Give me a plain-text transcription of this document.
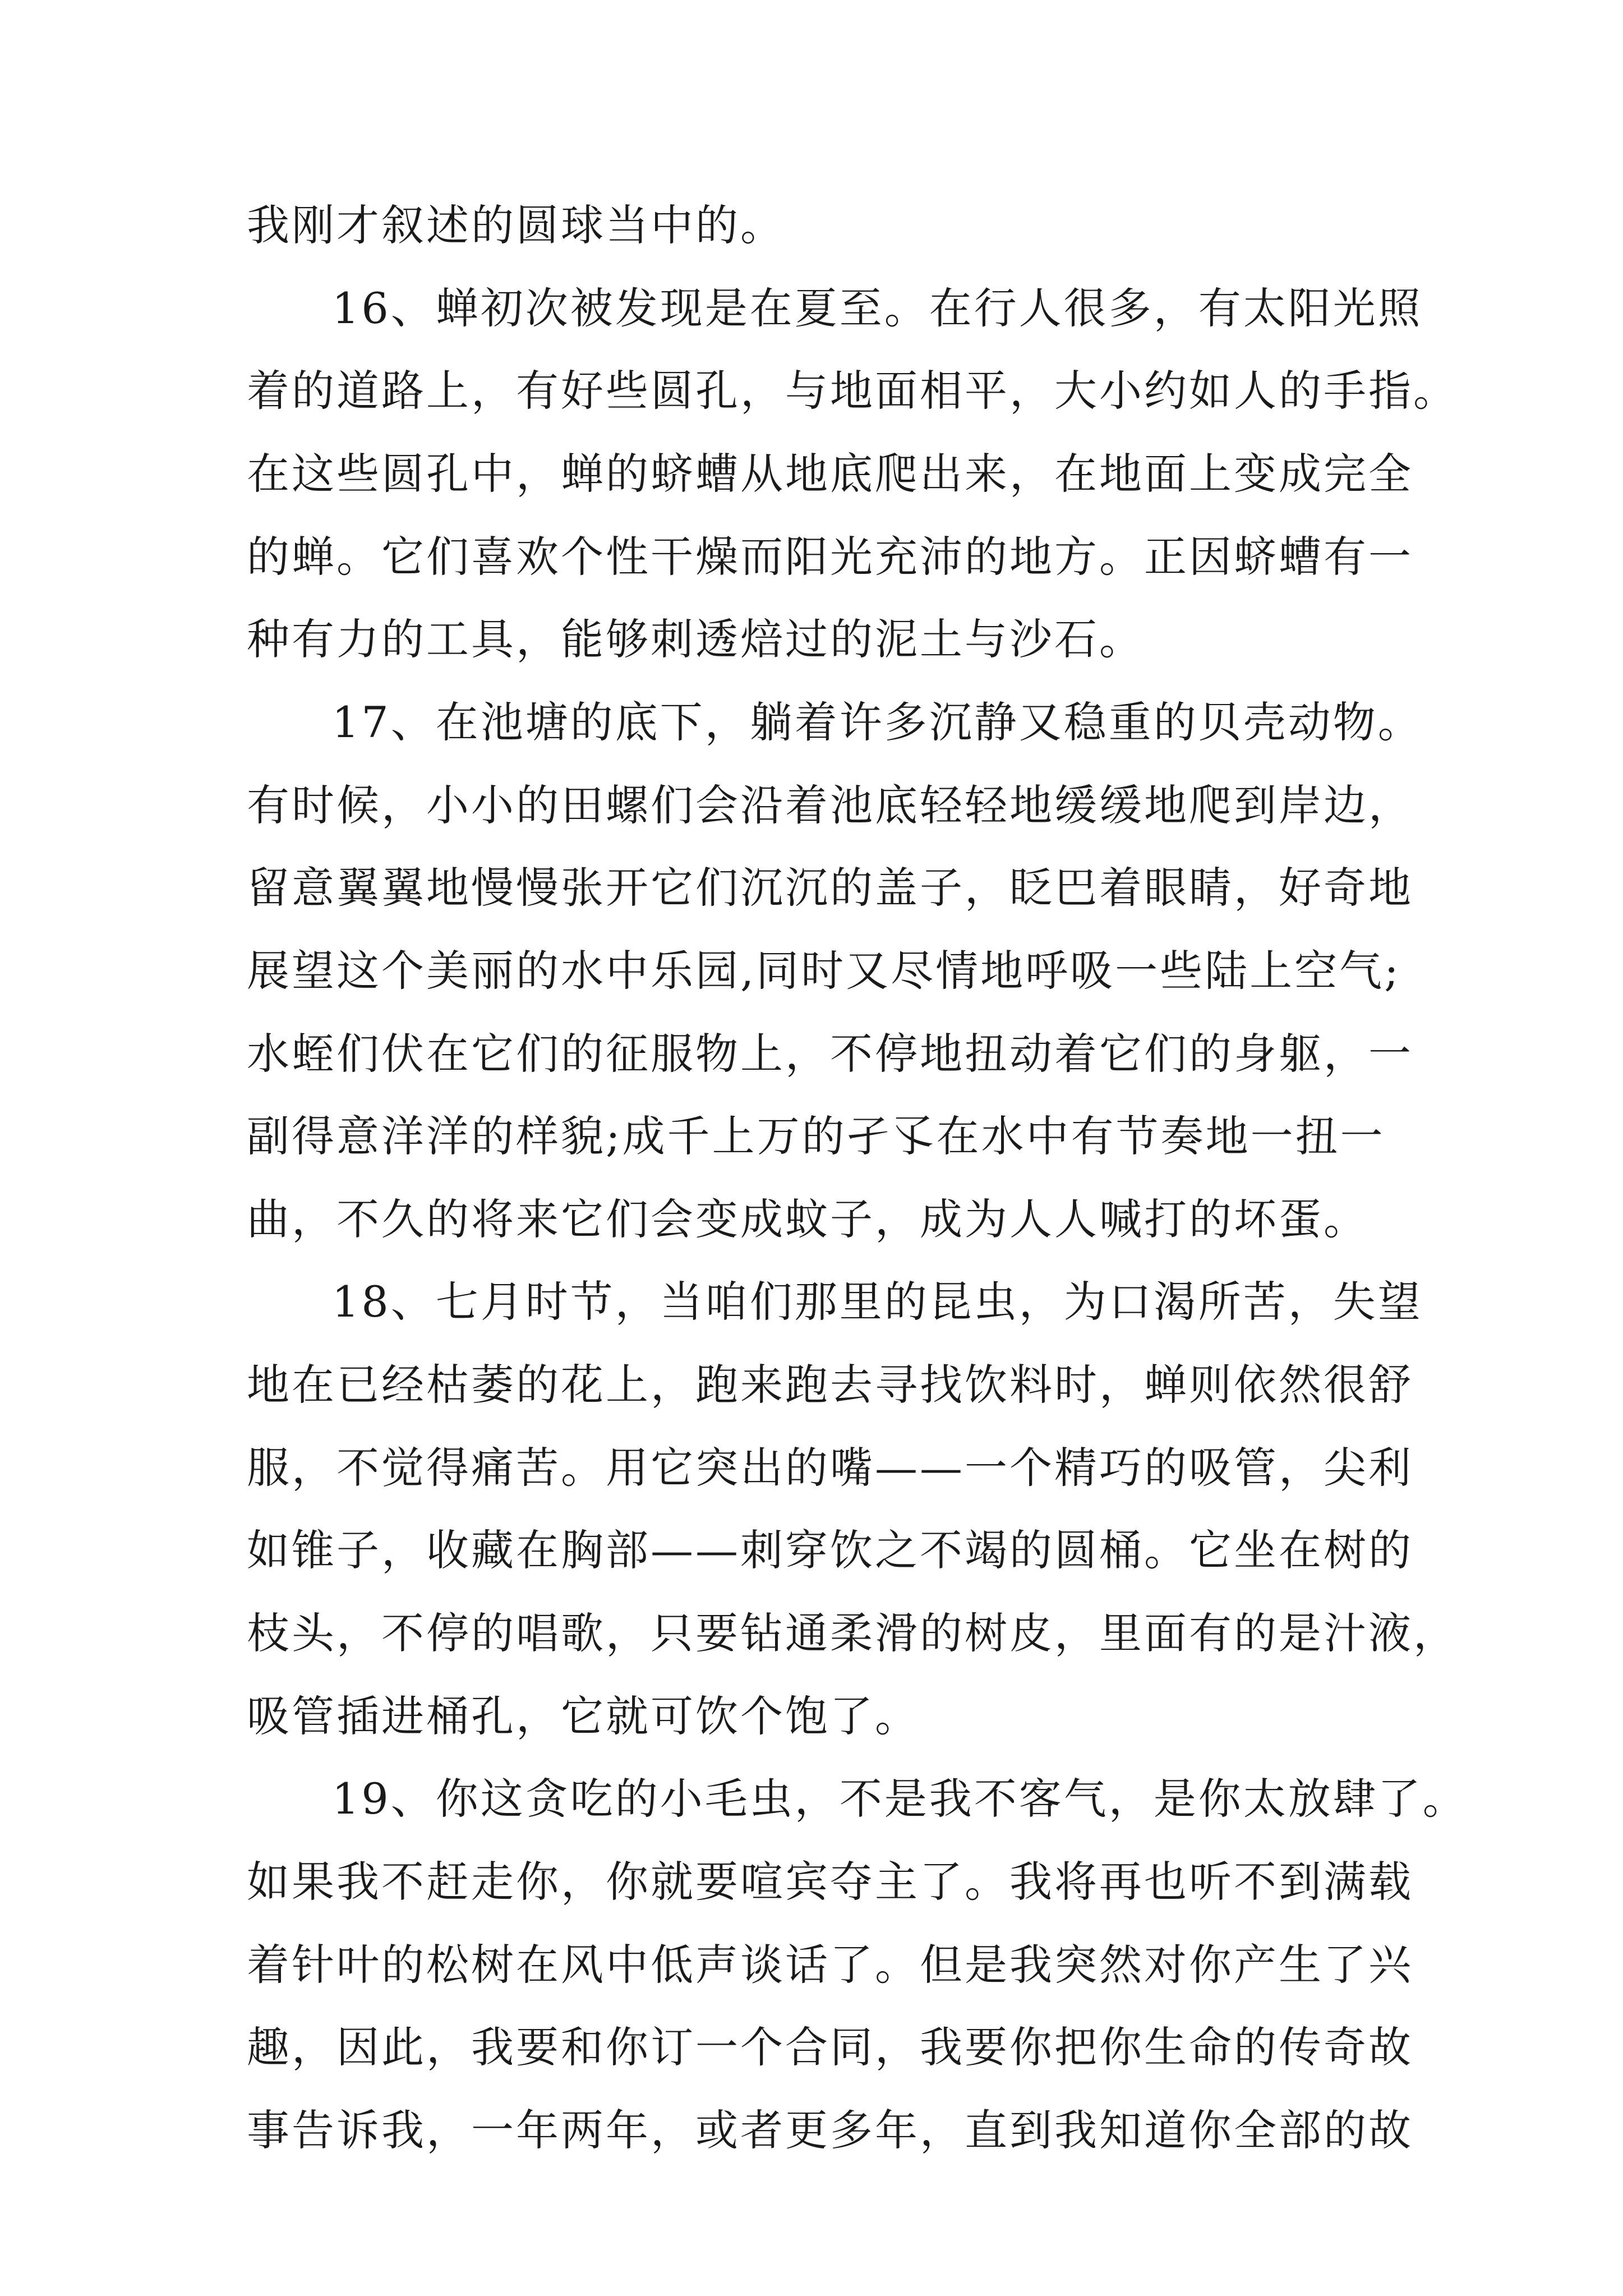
我刚才叙述的圆球当中的。
16、蝉初次被发现是在夏至。在行人很多，有太阳光照
着的道路上，有好些圆孔，与地面相平，大小约如人的手指。
在这些圆孔中，蝉的蛴螬从地底爬出来，在地面上变成完全
的蝉。它们喜欢个性干燥而阳光充沛的地方。正因蛴螬有一
种有力的工具，能够刺透焙过的泥土与沙石。
17、在池塘的底下，躺着许多沉静又稳重的贝壳动物。
有时候，小小的田螺们会沿着池底轻轻地缓缓地爬到岸边，
留意翼翼地慢慢张开它们沉沉的盖子，眨巴着眼睛，好奇地
展望这个美丽的水中乐园,同时又尽情地呼吸一些陆上空气;
水蛭们伏在它们的征服物上，不停地扭动着它们的身躯，一
副得意洋洋的样貌;成千上万的孑孓在水中有节奏地一扭一
曲，不久的将来它们会变成蚊子，成为人人喊打的坏蛋。
18、七月时节，当咱们那里的昆虫，为口渴所苦，失望
地在已经枯萎的花上，跑来跑去寻找饮料时，蝉则依然很舒
服，不觉得痛苦。用它突出的嘴——一个精巧的吸管，尖利
如锥子，收藏在胸部——刺穿饮之不竭的圆桶。它坐在树的
枝头，不停的唱歌，只要钻通柔滑的树皮，里面有的是汁液，
吸管插进桶孔，它就可饮个饱了。
19、你这贪吃的小毛虫，不是我不客气，是你太放肆了。
如果我不赶走你，你就要喧宾夺主了。我将再也听不到满载
着针叶的松树在风中低声谈话了。但是我突然对你产生了兴
趣，因此，我要和你订一个合同，我要你把你生命的传奇故
事告诉我，一年两年，或者更多年，直到我知道你全部的故
